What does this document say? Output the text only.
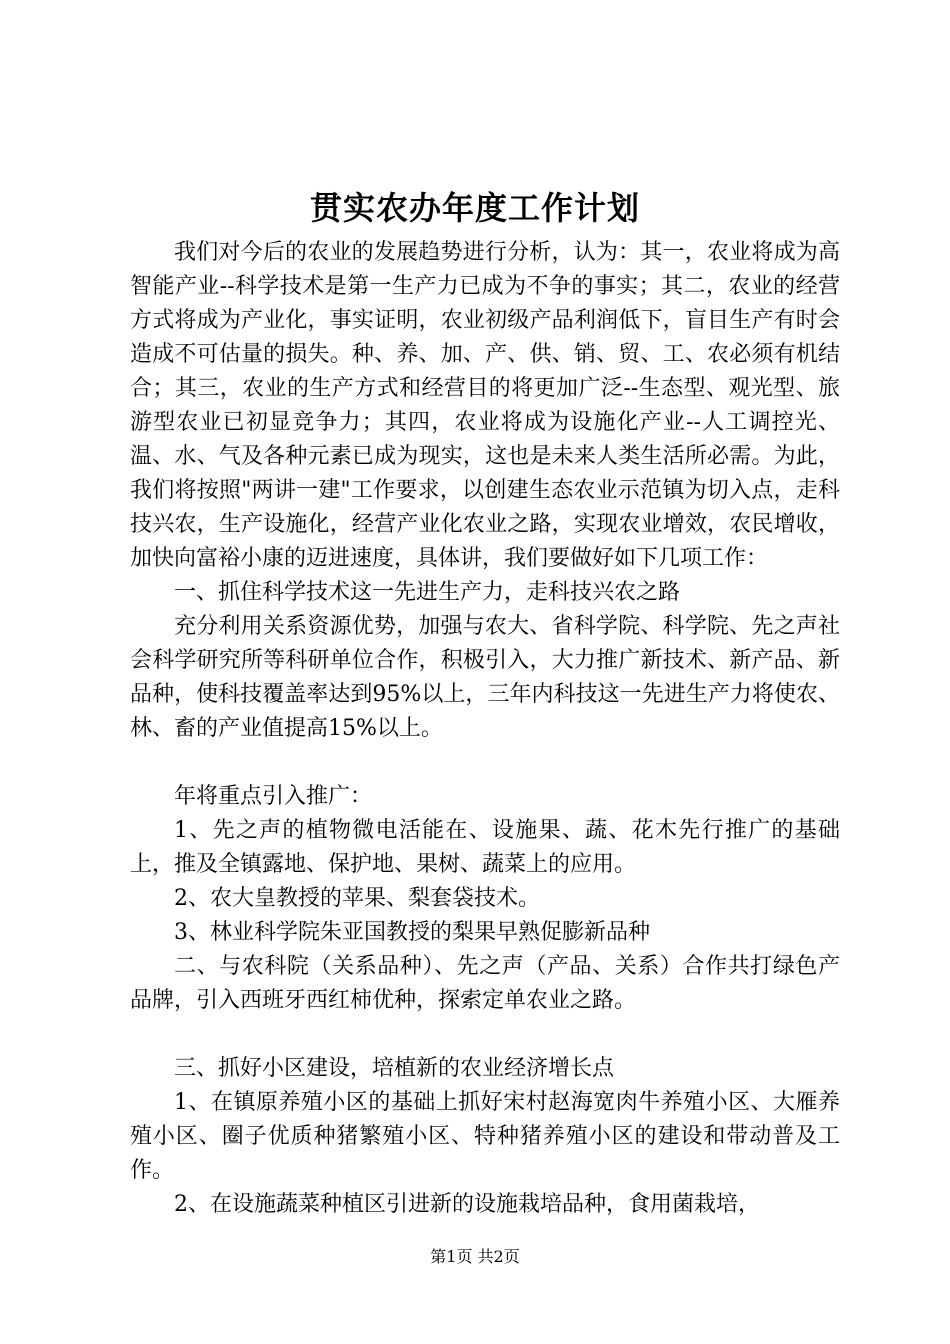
贯实农办年度工作计划

我们对今后的农业的发展趋势进行分析，认为：其一，农业将成为高智能产业--科学技术是第一生产力已成为不争的事实；其二，农业的经营方式将成为产业化，事实证明，农业初级产品利润低下，盲目生产有时会造成不可估量的损失。种、养、加、产、供、销、贸、工、农必须有机结合；其三，农业的生产方式和经营目的将更加广泛--生态型、观光型、旅游型农业已初显竞争力；其四，农业将成为设施化产业--人工调控光、温、水、气及各种元素已成为现实，这也是未来人类生活所必需。为此，我们将按照"两讲一建"工作要求，以创建生态农业示范镇为切入点，走科技兴农，生产设施化，经营产业化农业之路，实现农业增效，农民增收，加快向富裕小康的迈进速度，具体讲，我们要做好如下几项工作：

一、抓住科学技术这一先进生产力，走科技兴农之路

充分利用关系资源优势，加强与农大、省科学院、科学院、先之声社会科学研究所等科研单位合作，积极引入，大力推广新技术、新产品、新品种，使科技覆盖率达到95%以上，三年内科技这一先进生产力将使农、林、畜的产业值提高15%以上。

年将重点引入推广：

1、先之声的植物微电活能在、设施果、蔬、花木先行推广的基础上，推及全镇露地、保护地、果树、蔬菜上的应用。

2、农大皇教授的苹果、梨套袋技术。

3、林业科学院朱亚国教授的梨果早熟促膨新品种

二、与农科院（关系品种）、先之声（产品、关系）合作共打绿色产品牌，引入西班牙西红柿优种，探索定单农业之路。

三、抓好小区建设，培植新的农业经济增长点

1、在镇原养殖小区的基础上抓好宋村赵海宽肉牛养殖小区、大雁养殖小区、圈子优质种猪繁殖小区、特种猪养殖小区的建设和带动普及工作。

2、在设施蔬菜种植区引进新的设施栽培品种，食用菌栽培，

第1页 共2页
